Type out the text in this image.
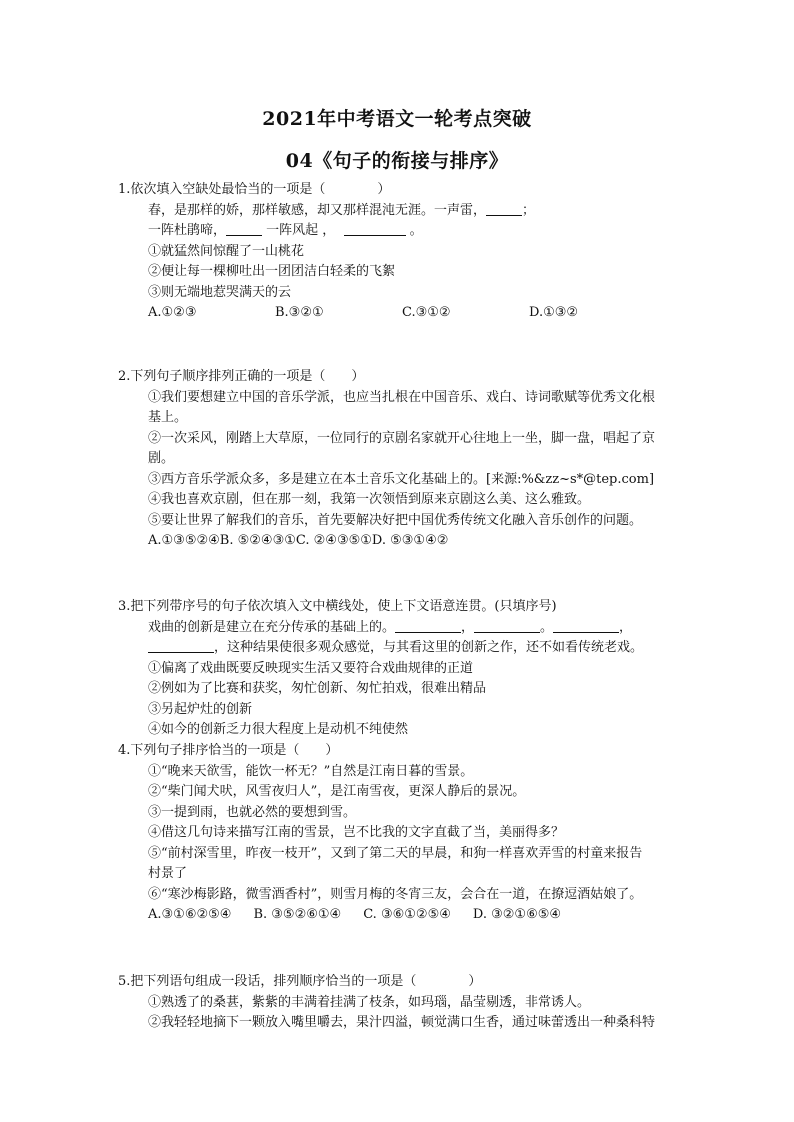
2021年中考语文一轮考点突破
04《句子的衔接与排序》
1.依次填入空缺处最恰当的一项是（　　　　）
春，是那样的娇，那样敏感，却又那样混沌无涯。一声雷，	；
一阵杜鹃啼，	一阵风起 ，	。
①就猛然间惊醒了一山桃花
②便让每一棵柳吐出一团团洁白轻柔的飞絮
③则无端地惹哭满天的云
A.①②③	B.③②①	C.③①②	D.①③②
2.下列句子顺序排列正确的一项是（　　）
①我们要想建立中国的音乐学派，也应当扎根在中国音乐、戏白、诗词歌赋等优秀文化根
基上。
②一次采风，刚踏上大草原，一位同行的京剧名家就开心往地上一坐，脚一盘，唱起了京
剧。
③西方音乐学派众多，多是建立在本土音乐文化基础上的。[来源:%&zz~s*@tep.com]
④我也喜欢京剧，但在那一刻，我第一次领悟到原来京剧这么美、这么雅致。
⑤要让世界了解我们的音乐，首先要解决好把中国优秀传统文化融入音乐创作的问题。
A.①③⑤②④B. ⑤②④③①C. ②④③⑤①D. ⑤③①④②
3.把下列带序号的句子依次填入文中横线处，使上下文语意连贯。(只填序号)
戏曲的创新是建立在充分传承的基础上的。	，	。	，
，这种结果使很多观众感觉，与其看这里的创新之作，还不如看传统老戏。
①偏离了戏曲既要反映现实生活又要符合戏曲规律的正道
②例如为了比赛和获奖，匆忙创新、匆忙拍戏，很难出精品
③另起炉灶的创新
④如今的创新乏力很大程度上是动机不纯使然
4.下列句子排序恰当的一项是（　　）
①“晚来天欲雪，能饮一杯无？”自然是江南日暮的雪景。
②“柴门闻犬吠，风雪夜归人”，是江南雪夜，更深人静后的景况。
③一提到雨，也就必然的要想到雪。
④借这几句诗来描写江南的雪景，岂不比我的文字直截了当，美丽得多？
⑤“前村深雪里，昨夜一枝开”，又到了第二天的早晨，和狗一样喜欢弄雪的村童来报告
村景了
⑥“寒沙梅影路，微雪酒香村”，则雪月梅的冬宵三友，会合在一道，在撩逗酒姑娘了。
A.③①⑥②⑤④ B. ③⑤②⑥①④ C. ③⑥①②⑤④ D. ③②①⑥⑤④
5.把下列语句组成一段话，排列顺序恰当的一项是（　　　　）
①熟透了的桑葚，紫紫的丰满着挂满了枝条，如玛瑙，晶莹剔透，非常诱人。
②我轻轻地摘下一颗放入嘴里嚼去，果汁四溢，顿觉满口生香，通过味蕾透出一种桑科特
